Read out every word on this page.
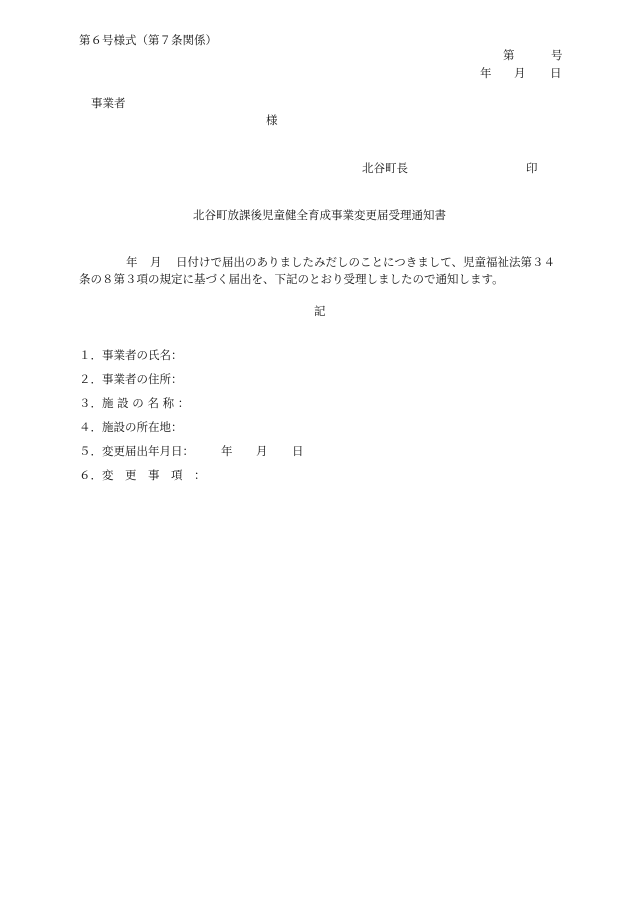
第６号様式（第７条関係）
第	号
年 月 日
事業者
様
北谷町長	印
北谷町放課後児童健全育成事業変更届受理通知書
年 月 日付けで届出のありましたみだしのことにつきまして、児童福祉法第３４
条の８第３項の規定に基づく届出を、下記のとおり受理しましたので通知します。
記
１．事業者の氏名：
２．事業者の住所：
３．施 設 の 名 称 ：
４．施設の所在地：
５．変更届出年月日： 年 月 日
６．変　更　事　項　：
